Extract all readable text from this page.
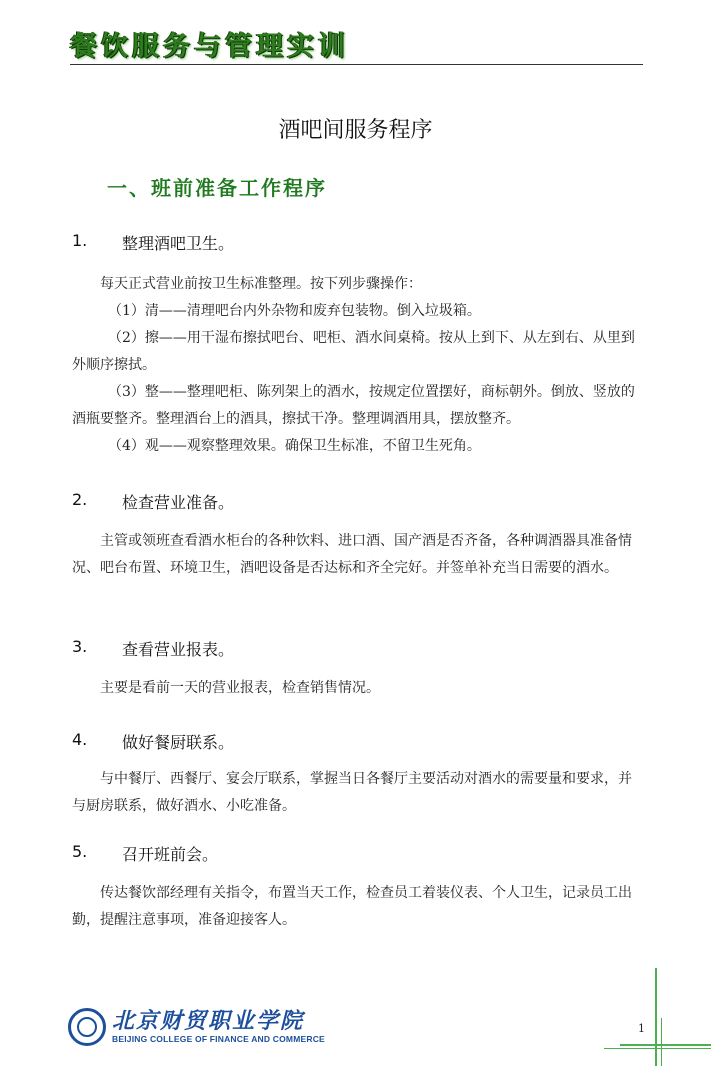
餐饮服务与管理实训
酒吧间服务程序
一、班前准备工作程序
1.	整理酒吧卫生。

每天正式营业前按卫生标准整理。按下列步骤操作：

（1）清——清理吧台内外杂物和废弃包装物。倒入垃圾箱。

（2）擦——用干湿布擦拭吧台、吧柜、酒水间桌椅。按从上到下、从左到右、从里到外顺序擦拭。

（3）整——整理吧柜、陈列架上的酒水，按规定位置摆好，商标朝外。倒放、竖放的酒瓶要整齐。整理酒台上的酒具，擦拭干净。整理调酒用具，摆放整齐。

（4）观——观察整理效果。确保卫生标准，不留卫生死角。

2.	检查营业准备。

主管或领班查看酒水柜台的各种饮料、进口酒、国产酒是否齐备，各种调酒器具准备情况、吧台布置、环境卫生，酒吧设备是否达标和齐全完好。并签单补充当日需要的酒水。

3.	查看营业报表。

主要是看前一天的营业报表，检查销售情况。

4.	做好餐厨联系。

与中餐厅、西餐厅、宴会厅联系，掌握当日各餐厅主要活动对酒水的需要量和要求，并与厨房联系，做好酒水、小吃准备。

5.	召开班前会。

传达餐饮部经理有关指令，布置当天工作，检查员工着装仪表、个人卫生，记录员工出勤，提醒注意事项，准备迎接客人。

北京财贸职业学院
BEIJING COLLEGE OF FINANCE AND COMMERCE
1
